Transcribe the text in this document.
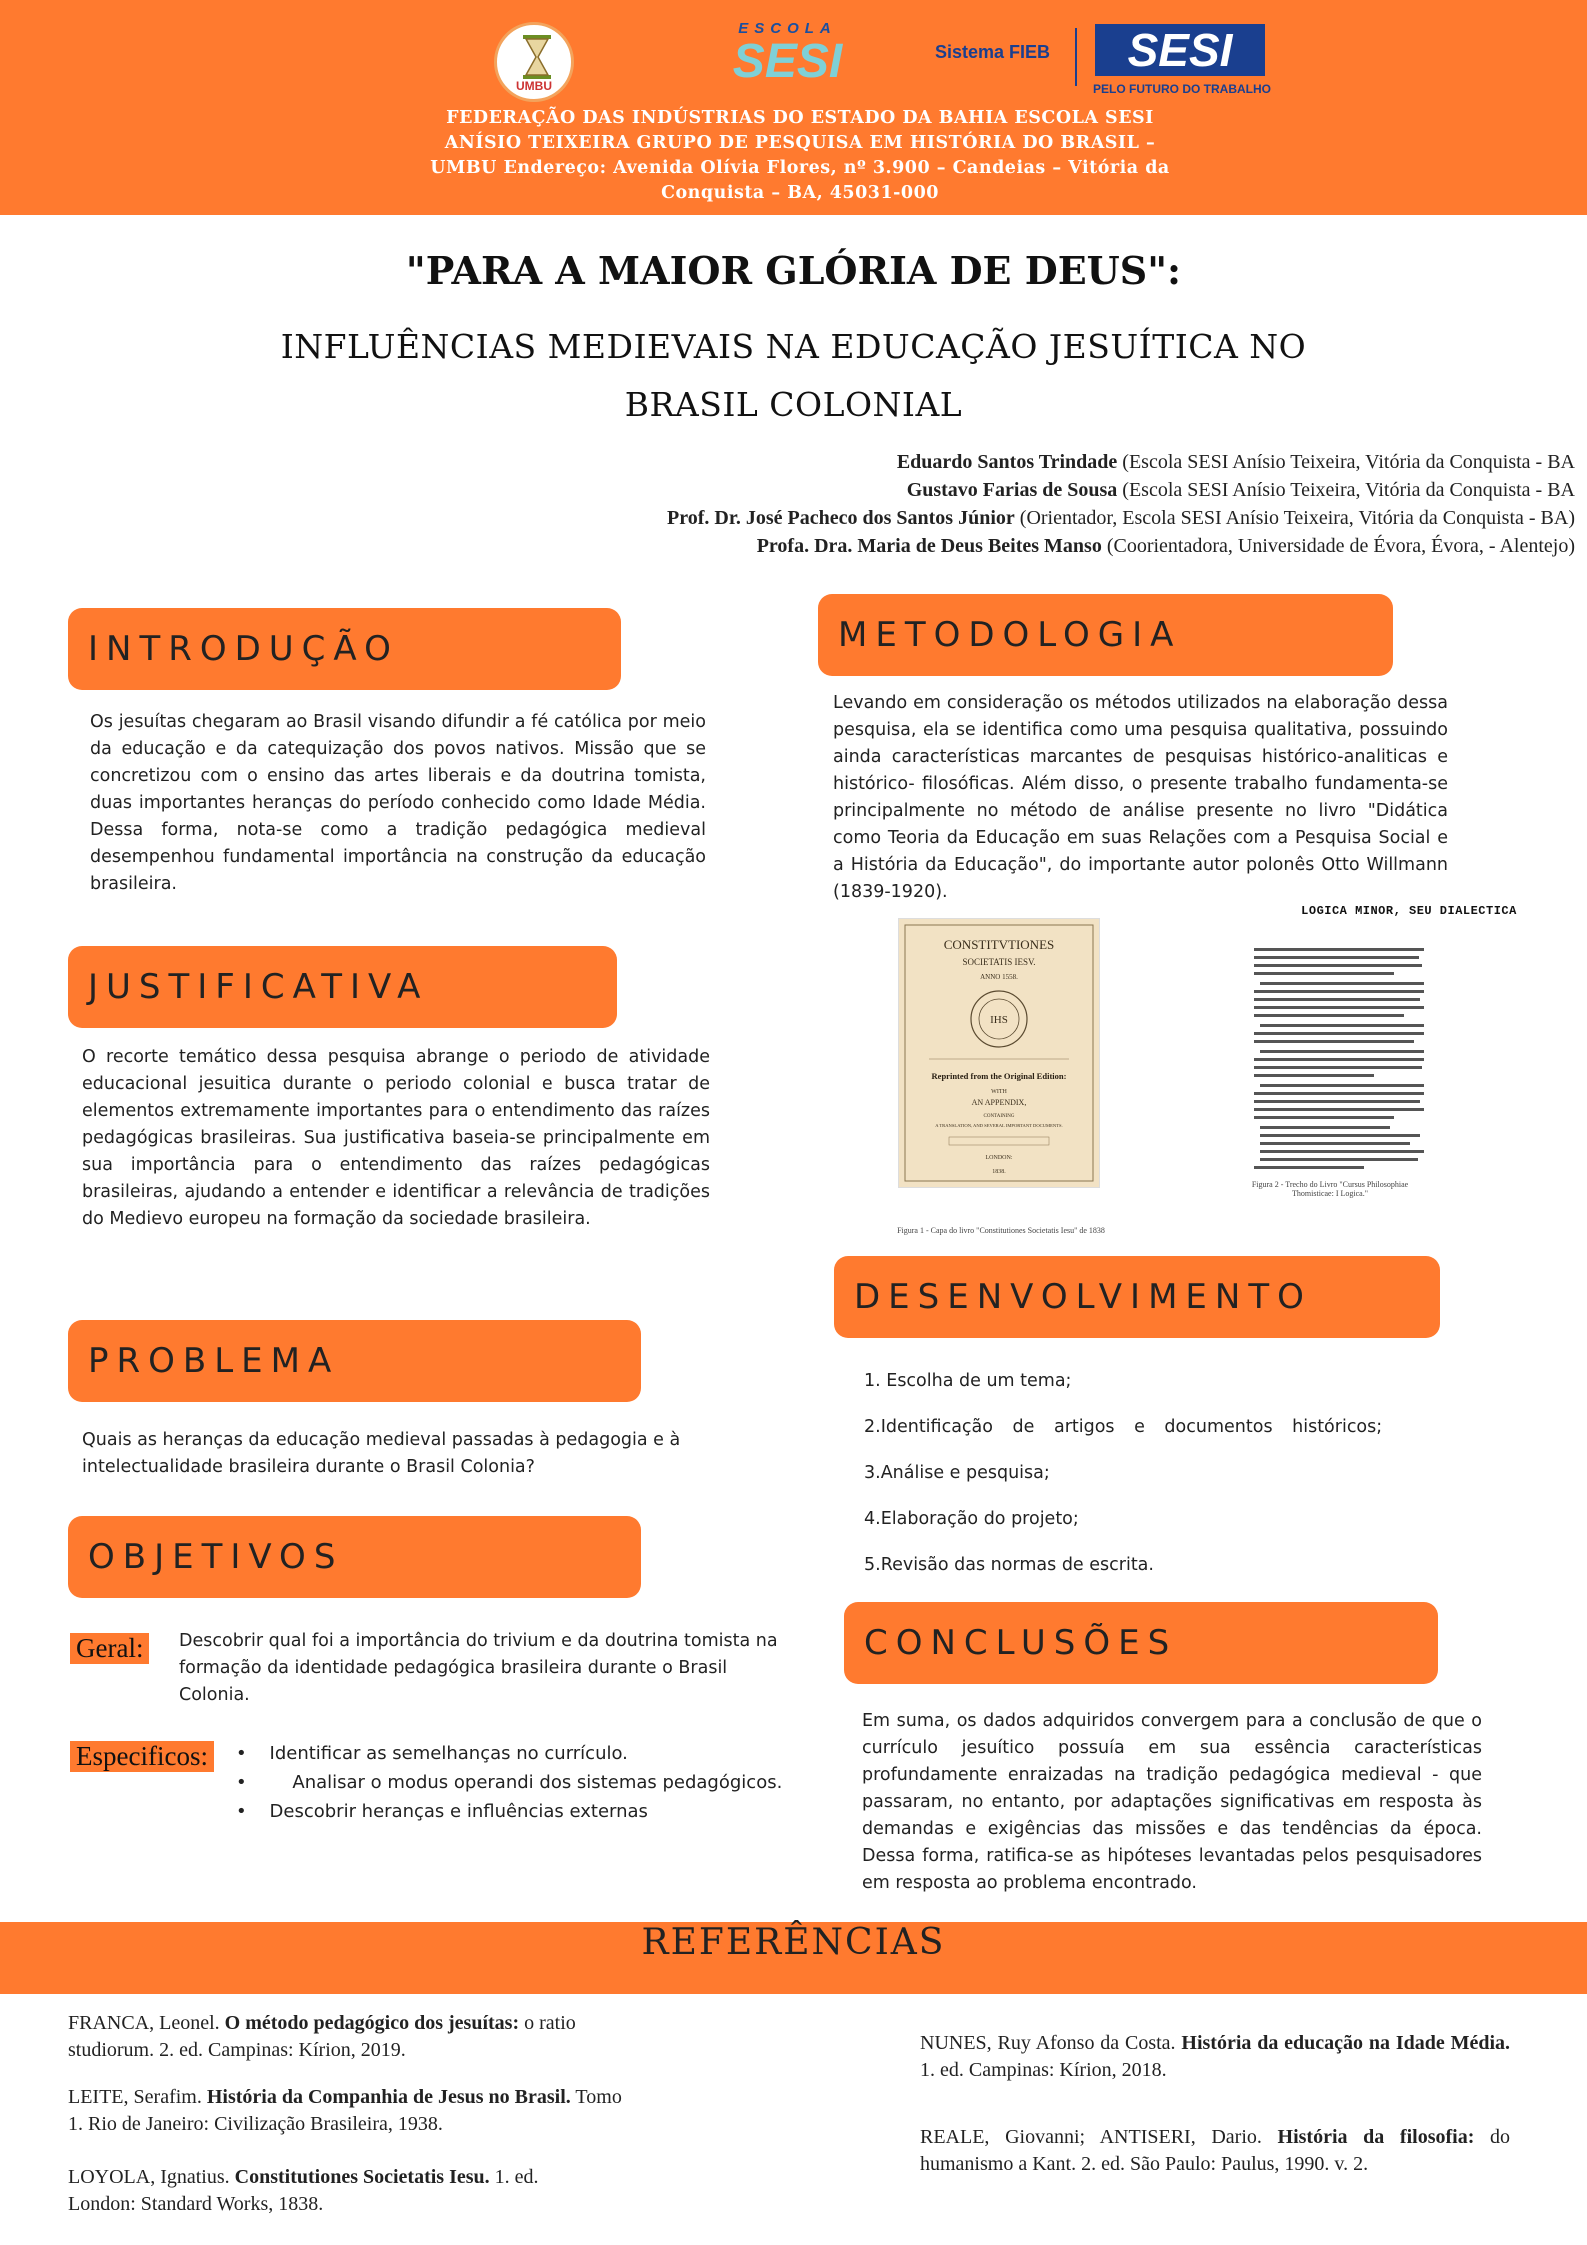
UMBU
ESCOLA
SESI	Sistema FIEB	SESI
PELO FUTURO DO TRABALHO
FEDERAÇÃO DAS INDÚSTRIAS DO ESTADO DA BAHIA ESCOLA SESI ANÍSIO TEIXEIRA GRUPO DE PESQUISA EM HISTÓRIA DO BRASIL – UMBU Endereço: Avenida Olívia Flores, nº 3.900 – Candeias – Vitória da Conquista – BA, 45031-000
"PARA A MAIOR GLÓRIA DE DEUS":
INFLUÊNCIAS MEDIEVAIS NA EDUCAÇÃO JESUÍTICA NO
BRASIL COLONIAL
Eduardo Santos Trindade (Escola SESI Anísio Teixeira, Vitória da Conquista - BA
Gustavo Farias de Sousa (Escola SESI Anísio Teixeira, Vitória da Conquista - BA
Prof. Dr. José Pacheco dos Santos Júnior (Orientador, Escola SESI Anísio Teixeira, Vitória da Conquista - BA)
Profa. Dra. Maria de Deus Beites Manso (Coorientadora, Universidade de Évora, Évora, - Alentejo)
INTRODUÇÃO
Os jesuítas chegaram ao Brasil visando difundir a fé católica por meio da educação e da catequização dos povos nativos. Missão que se concretizou com o ensino das artes liberais e da doutrina tomista, duas importantes heranças do período conhecido como Idade Média. Dessa forma, nota-se como a tradição pedagógica medieval desempenhou fundamental importância na construção da educação brasileira.
JUSTIFICATIVA
O recorte temático dessa pesquisa abrange o periodo de atividade educacional jesuitica durante o periodo colonial e busca tratar de elementos extremamente importantes para o entendimento das raízes pedagógicas brasileiras. Sua justificativa baseia-se principalmente em sua importância para o entendimento das raízes pedagógicas brasileiras, ajudando a entender e identificar a relevância de tradições do Medievo europeu na formação da sociedade brasileira.
PROBLEMA
Quais as heranças da educação medieval passadas à pedagogia e à intelectualidade brasileira durante o Brasil Colonia?
OBJETIVOS
Geral:	Descobrir qual foi a importância do trivium e da doutrina tomista na formação da identidade pedagógica brasileira durante o Brasil Colonia.
Especificos:	•    Identificar as semelhanças no currículo.
•        Analisar o modus operandi dos sistemas pedagógicos.
•    Descobrir heranças e influências externas
METODOLOGIA
Levando em consideração os métodos utilizados na elaboração dessa pesquisa, ela se identifica como uma pesquisa qualitativa, possuindo ainda características marcantes de pesquisas histórico-analiticas e histórico- filosóficas. Além disso, o presente trabalho fundamenta-se principalmente no método de análise presente no livro "Didática como Teoria da Educação em suas Relações com a Pesquisa Social e a História da Educação", do importante autor polonês Otto Willmann (1839-1920).
CONSTITVTIONES
SOCIETATIS IESV.
ANNO 1558.
IHS
Reprinted from the Original Edition:
WITH
AN APPENDIX,
CONTAINING
A TRANSLATION, AND SEVERAL IMPORTANT DOCUMENTS.
LONDON:
1838.
Figura 1 - Capa do livro "Constitutiones Societatis Iesu" de 1838
LOGICA MINOR, SEU DIALECTICA
Figura 2 - Trecho do Livro "Cursus Philosophiae Thomisticae: I Logica."
DESENVOLVIMENTO
1. Escolha de um tema;
2.Identificação de artigos e documentos históricos;
3.Análise e pesquisa;
4.Elaboração do projeto;
5.Revisão das normas de escrita.
CONCLUSÕES
Em suma, os dados adquiridos convergem para a conclusão de que o currículo jesuítico possuía em sua essência características profundamente enraizadas na tradição pedagógica medieval - que passaram, no entanto, por adaptações significativas em resposta às demandas e exigências das missões e das tendências da época. Dessa forma, ratifica-se as hipóteses levantadas pelos pesquisadores em resposta ao problema encontrado.
REFERÊNCIAS
FRANCA, Leonel. O método pedagógico dos jesuítas: o ratio studiorum. 2. ed. Campinas: Kírion, 2019.
LEITE, Serafim. História da Companhia de Jesus no Brasil. Tomo 1. Rio de Janeiro: Civilização Brasileira, 1938.
LOYOLA, Ignatius. Constitutiones Societatis Iesu. 1. ed. London: Standard Works, 1838.
NUNES, Ruy Afonso da Costa. História da educação na Idade Média. 1. ed. Campinas: Kírion, 2018.
REALE, Giovanni; ANTISERI, Dario. História da filosofia: do humanismo a Kant. 2. ed. São Paulo: Paulus, 1990. v. 2.
